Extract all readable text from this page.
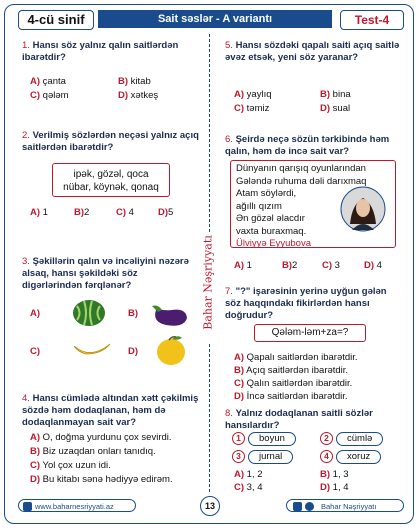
4-cü sinif	Sait səslər - A variantı	Test-4
Bahar Nəşriyyatı
1. Hansı söz yalnız qalın saitlərdən ibarətdir?
A) çanta	B) kitab
C) qələm	D) xətkeş
2. Verilmiş sözlərdən neçəsi yalnız açıq saitlərdən ibarətdir?
ipək, gözəl, qoca
nübar, köynək, qonaq
A) 1	B)2	C) 4	D)5
3. Şəkillərin qalın və incəliyini nəzərə alsaq, hansı şəkildəki söz digərlərindən fərqlənər?
A)	B)
C)	D)
4. Hansı cümlədə altından xətt çəkilmiş sözdə həm dodaqlanan, həm də dodaqlanmayan sait var?
A) O, doğma yurdunu çox sevirdi.
B) Biz uzaqdan onları tanıdıq.
C) Yol çox uzun idi.
D) Bu kitabı sənə hədiyyə edirəm.
5. Hansı sözdəki qapalı saiti açıq saitlə əvəz etsək, yeni söz yaranar?
A) yaylıq	B) bina
C) təmiz	D) sual
6. Şeirdə neçə sözün tərkibində həm qalın, həm də incə sait var?
Dünyanın qarışıq oyunlarından
Gələndə ruhuma dəli darıxmaq
Atam söylərdi,
ağıllı qızım
Ən gözəl əlacdır
vaxta buraxmaq.
Ülviyyə Eyyubova
A) 1	B)2	C) 3	D) 4
7. "?" işarəsinin yerinə uyğun gələn söz haqqındakı fikirlərdən hansı doğrudur?
Qələm-ləm+za=?
A) Qapalı saitlərdən ibarətdir.
B) Açıq saitlərdən ibarətdir.
C) Qalın saitlərdən ibarətdir.
D) İncə saitlərdən ibarətdir.
8. Yalnız dodaqlanan saitli sözlər hansılardır?
1 boyun	2 cümlə
3 jurnal	4 xoruz
A) 1, 2	B) 1, 3
C) 3, 4	D) 1, 4
www.baharnesriyyati.az	13	Bahar Nəşriyyatı
